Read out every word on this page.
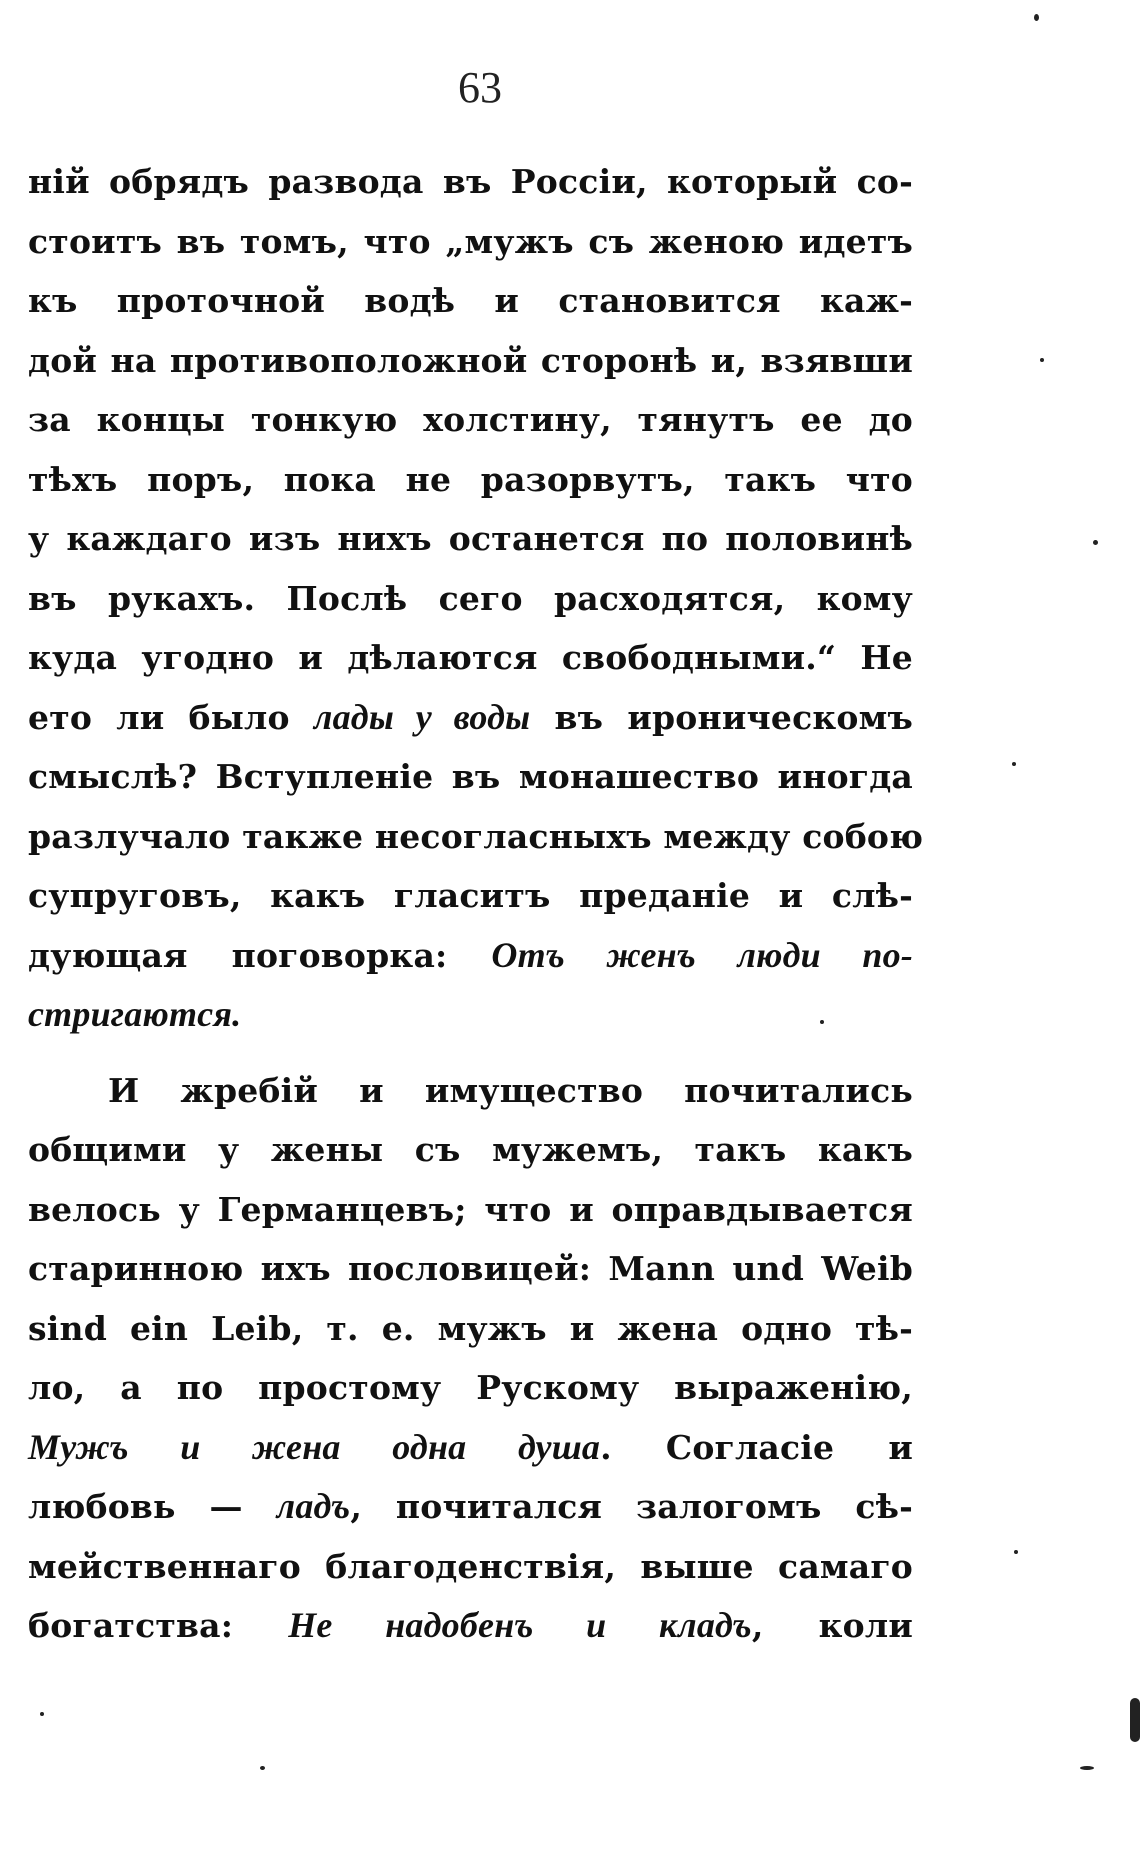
63
ній обрядъ развода въ Россіи, который со-
стоитъ въ томъ, что „мужъ съ женою идетъ
къ проточной водѣ и становится каж-
дой на противоположной сторонѣ и, взявши
за концы тонкую холстину, тянутъ ее до
тѣхъ поръ, пока не разорвутъ, такъ что
у каждаго изъ нихъ останется по половинѣ
въ рукахъ. Послѣ сего расходятся, кому
куда угодно и дѣлаются свободными.“ Не
ето ли было лады у воды въ ироническомъ
смыслѣ? Вступленіе въ монашество иногда
разлучало также несогласныхъ между собою
супруговъ, какъ гласитъ преданіе и слѣ-
дующая поговорка: Отъ женъ люди по-
стригаются.
И жребій и имущество почитались
общими у жены съ мужемъ, такъ какъ
велось у Германцевъ; что и оправдывается
старинною ихъ пословицей: Mann und Weib
sind ein Leib, т. е. мужъ и жена одно тѣ-
ло, а по простому Рускому выраженію,
Мужъ и жена одна душа. Согласіе и
любовь — ладъ, почитался залогомъ сѣ-
мейственнаго благоденствія, выше самаго
богатства: Не надобенъ и кладъ, коли
